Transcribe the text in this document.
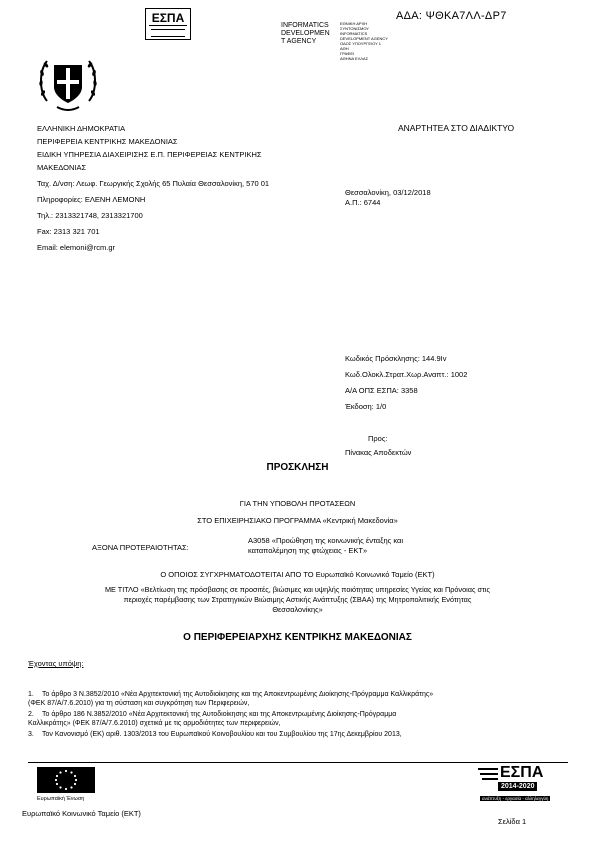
ΕΣΠΑ
INFORMATICS
DEVELOPMEN
T AGENCY
ΕΘΝΙΚΗ ΑΡΧΗ
ΣΥΝΤΟΝΙΣΜΟΥ
INFORMATICS
DEVELOPMENT AGENCY
ΟΔΟΣ ΥΠΟΥΡΓΕΙΟΥ 1
ΑΘΗ
ΓΡΑΦΕΙ
ΑΘΗΝΑ ΕΛΛΑΣ
ΑΔΑ: ΨΘΚΑ7ΛΛ-ΔΡ7
ΕΛΛΗΝΙΚΗ ΔΗΜΟΚΡΑΤΙΑ
ΠΕΡΙΦΕΡΕΙΑ ΚΕΝΤΡΙΚΗΣ ΜΑΚΕΔΟΝΙΑΣ
ΕΙΔΙΚΗ ΥΠΗΡΕΣΙΑ ΔΙΑΧΕΙΡΙΣΗΣ Ε.Π. ΠΕΡΙΦΕΡΕΙΑΣ ΚΕΝΤΡΙΚΗΣ
ΜΑΚΕΔΟΝΙΑΣ
Ταχ. Δ/νση: Λεωφ. Γεωργικής Σχολής 65 Πυλαία Θεσσαλονίκη, 570 01
Πληροφορίες: ΕΛΕΝΗ ΛΕΜΟΝΗ
Τηλ.: 2313321748, 2313321700
Fax: 2313 321 701
Email: elemoni@rcm.gr
ΑΝΑΡΤΗΤΕΑ ΣΤΟ ΔΙΑΔΙΚΤΥΟ
Θεσσαλονίκη, 03/12/2018
Α.Π.: 6744
Κωδικός Πρόσκλησης: 144.9Iv
Κωδ.Ολοκλ.Στρατ.Χωρ.Αναπτ.: 1002
Α/Α ΟΠΣ ΕΣΠΑ: 3358
Έκδοση: 1/0
Προς:
Πίνακας Αποδεκτών
ΠΡΟΣΚΛΗΣΗ
ΓΙΑ ΤΗΝ ΥΠΟΒΟΛΗ ΠΡΟΤΑΣΕΩΝ
ΣΤΟ ΕΠΙΧΕΙΡΗΣΙΑΚΟ ΠΡΟΓΡΑΜΜΑ «Κεντρική Μακεδονία»
ΑΞΟΝΑ ΠΡΟΤΕΡΑΙΟΤΗΤΑΣ:
Α3058 «Προώθηση της κοινωνικής ένταξης και
καταπολέμηση της φτώχειας - ΕΚΤ»
Ο ΟΠΟΙΟΣ ΣΥΓΧΡΗΜΑΤΟΔΟΤΕΙΤΑΙ ΑΠΟ ΤΟ Ευρωπαϊκό Κοινωνικό Ταμείο (ΕΚΤ)
ΜΕ ΤΙΤΛΟ «Βελτίωση της πρόσβασης σε προσιτές, βιώσιμες και υψηλής ποιότητας υπηρεσίες Υγείας και Πρόνοιας στις
περιοχές παρέμβασης των Στρατηγικών Βιώσιμης Αστικής Ανάπτυξης (ΣΒΑΑ) της Μητροπολιτικής Ενότητας
Θεσσαλονίκης»
Ο ΠΕΡΙΦΕΡΕΙΑΡΧΗΣ ΚΕΝΤΡΙΚΗΣ ΜΑΚΕΔΟΝΙΑΣ
Έχοντας υπόψη:
1.	Το άρθρο 3 Ν.3852/2010 «Νέα Αρχιτεκτονική της Αυτοδιοίκησης και της Αποκεντρωμένης Διοίκησης-Πρόγραμμα Καλλικράτης»
(ΦΕΚ 87/Α/7.6.2010) για τη σύσταση και συγκρότηση των Περιφερειών,
2.	Το άρθρο 186 Ν.3852/2010 «Νέα Αρχιτεκτονική της Αυτοδιοίκησης και της Αποκεντρωμένης Διοίκησης-Πρόγραμμα
Καλλικράτης» (ΦΕΚ 87/Α/7.6.2010) σχετικά με τις αρμοδιότητες των περιφερειών,
3.	Τον Κανονισμό (ΕΚ) αριθ. 1303/2013 του Ευρωπαϊκού Κοινοβουλίου και του Συμβουλίου της 17ης Δεκεμβρίου 2013,
Ευρωπαϊκή Ένωση
Ευρωπαϊκό Κοινωνικό Ταμείο (ΕΚΤ)
ΕΣΠΑ
2014-2020
ανάπτυξη - εργασία - αλληλεγγύη
Σελίδα 1
